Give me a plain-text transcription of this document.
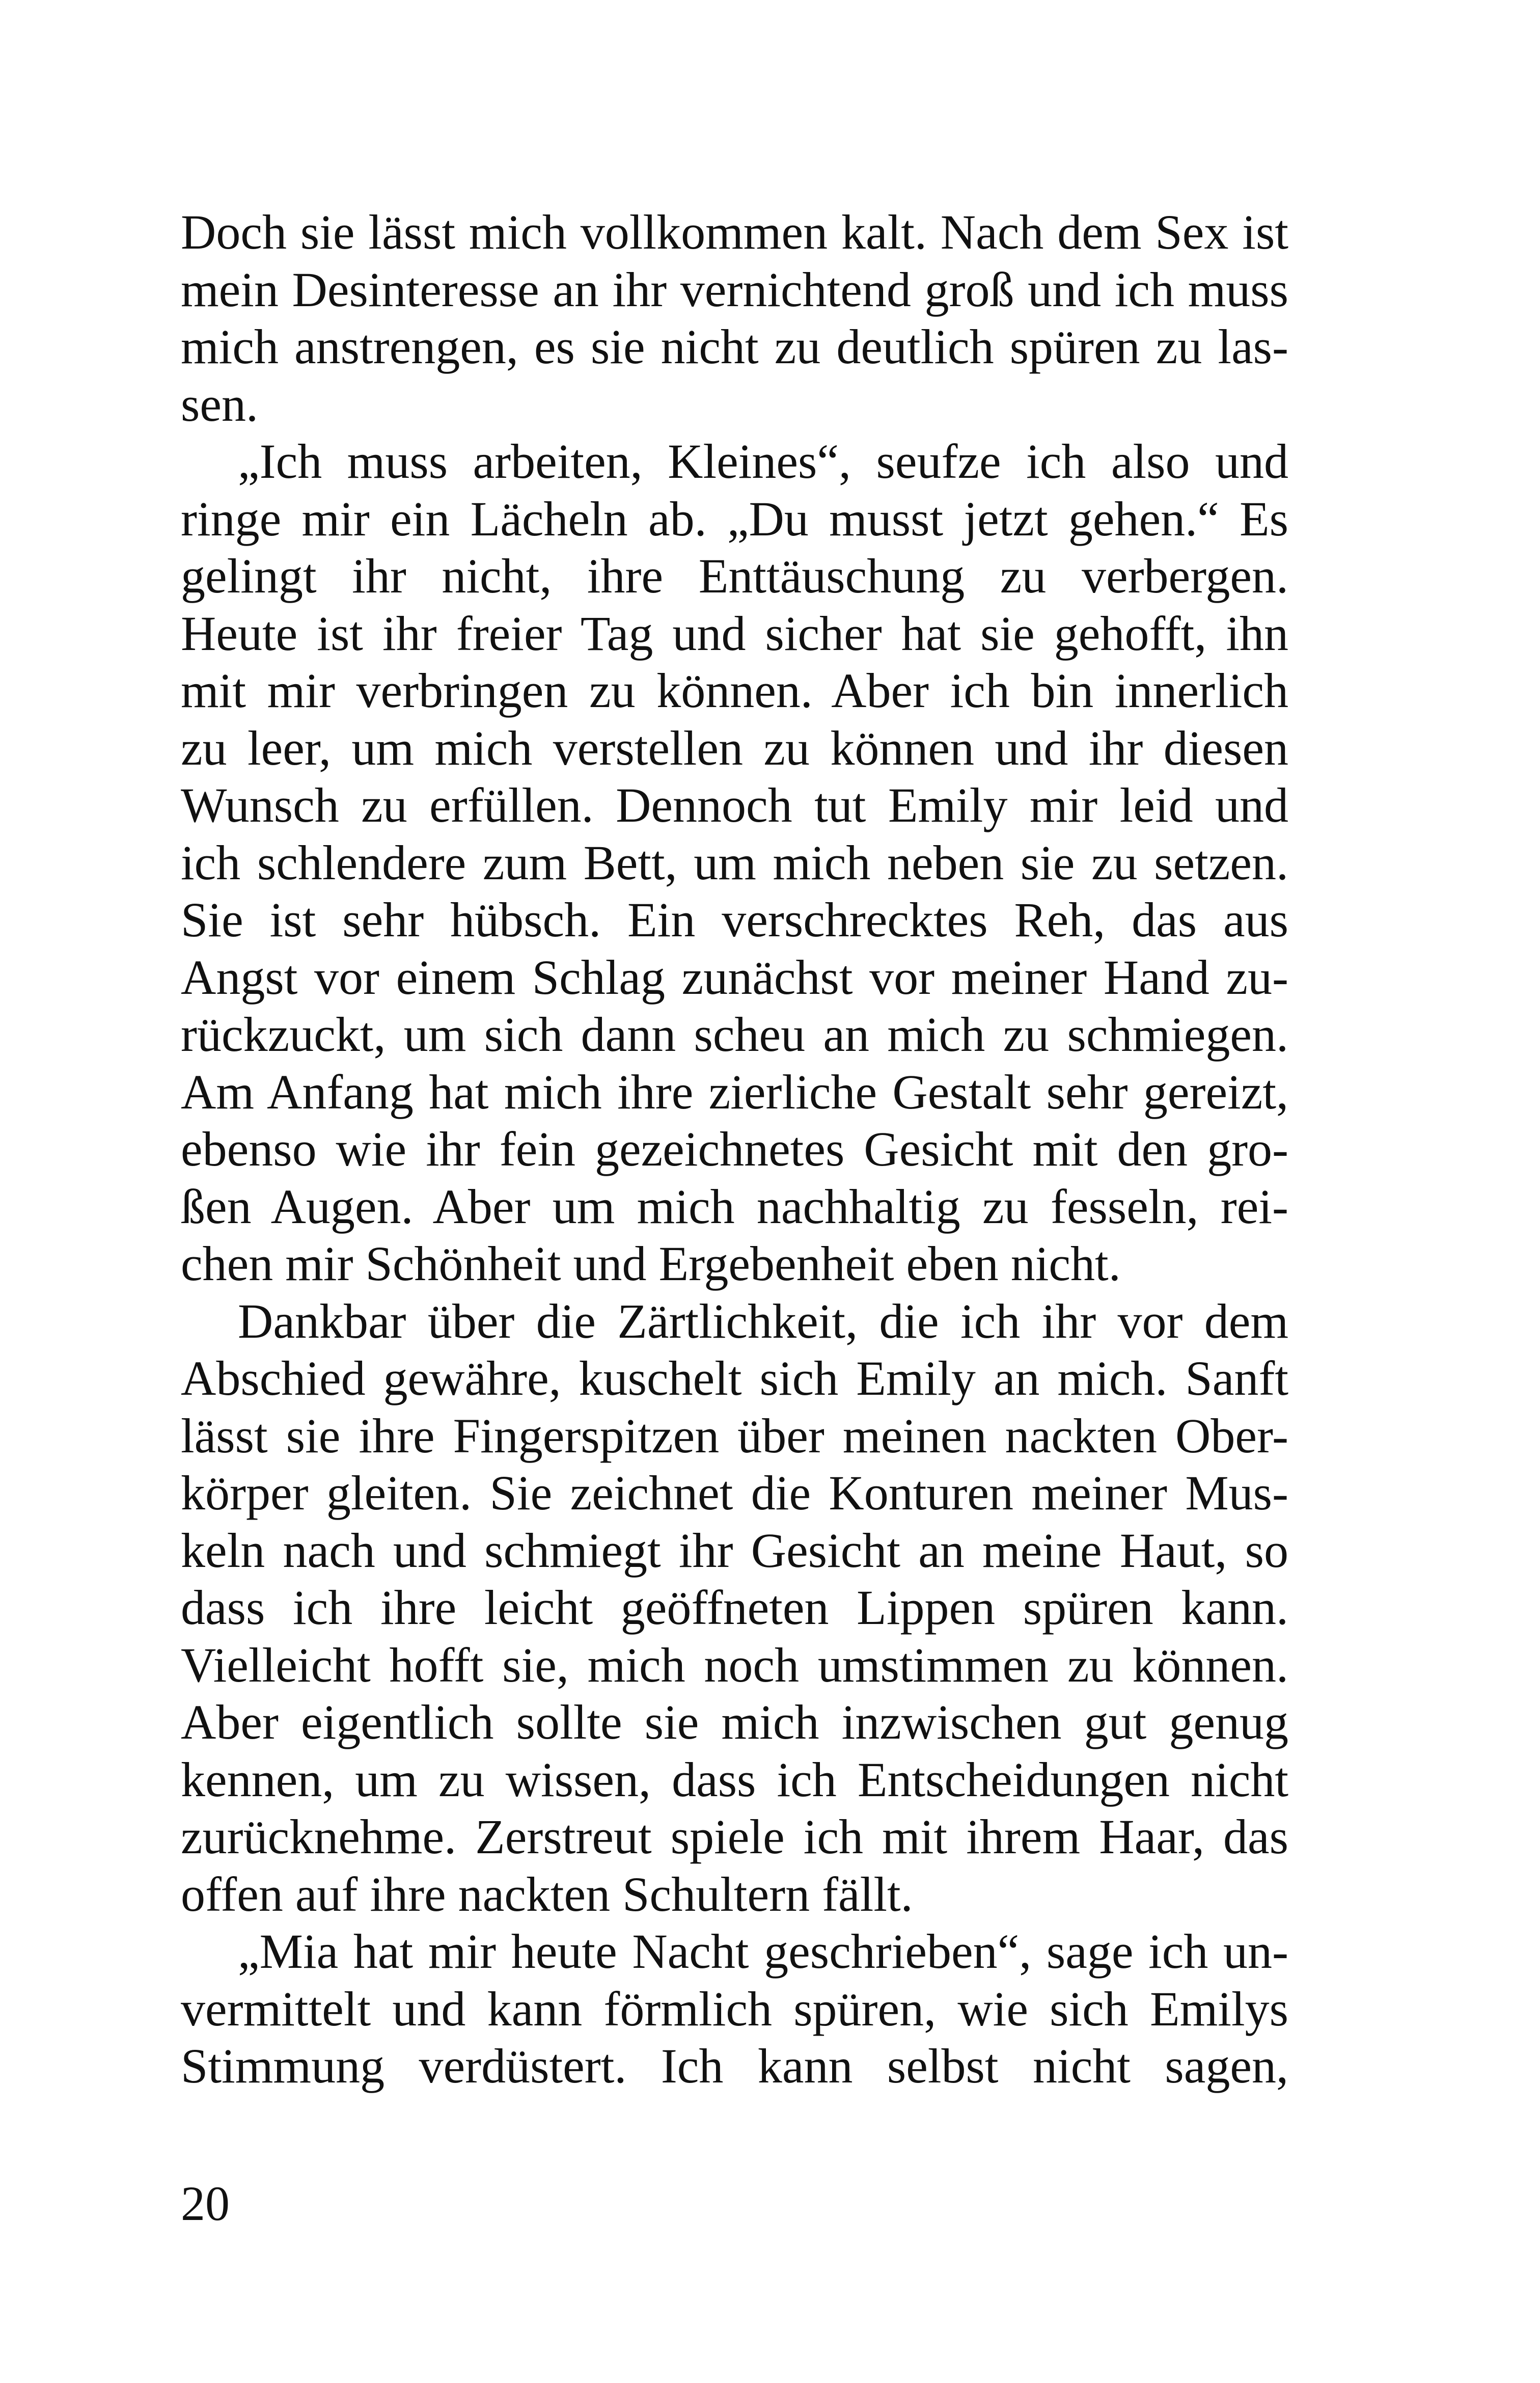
Doch sie lässt mich vollkommen kalt. Nach dem Sex ist
mein Desinteresse an ihr vernichtend groß und ich muss
mich anstrengen, es sie nicht zu deutlich spüren zu las-
sen.
„Ich muss arbeiten, Kleines“, seufze ich also und
ringe mir ein Lächeln ab. „Du musst jetzt gehen.“ Es
gelingt ihr nicht, ihre Enttäuschung zu verbergen.
Heute ist ihr freier Tag und sicher hat sie gehofft, ihn
mit mir verbringen zu können. Aber ich bin innerlich
zu leer, um mich verstellen zu können und ihr diesen
Wunsch zu erfüllen. Dennoch tut Emily mir leid und
ich schlendere zum Bett, um mich neben sie zu setzen.
Sie ist sehr hübsch. Ein verschrecktes Reh, das aus
Angst vor einem Schlag zunächst vor meiner Hand zu-
rückzuckt, um sich dann scheu an mich zu schmiegen.
Am Anfang hat mich ihre zierliche Gestalt sehr gereizt,
ebenso wie ihr fein gezeichnetes Gesicht mit den gro-
ßen Augen. Aber um mich nachhaltig zu fesseln, rei-
chen mir Schönheit und Ergebenheit eben nicht.
Dankbar über die Zärtlichkeit, die ich ihr vor dem
Abschied gewähre, kuschelt sich Emily an mich. Sanft
lässt sie ihre Fingerspitzen über meinen nackten Ober-
körper gleiten. Sie zeichnet die Konturen meiner Mus-
keln nach und schmiegt ihr Gesicht an meine Haut, so
dass ich ihre leicht geöffneten Lippen spüren kann.
Vielleicht hofft sie, mich noch umstimmen zu können.
Aber eigentlich sollte sie mich inzwischen gut genug
kennen, um zu wissen, dass ich Entscheidungen nicht
zurücknehme. Zerstreut spiele ich mit ihrem Haar, das
offen auf ihre nackten Schultern fällt.
„Mia hat mir heute Nacht geschrieben“, sage ich un-
vermittelt und kann förmlich spüren, wie sich Emilys
Stimmung verdüstert. Ich kann selbst nicht sagen,
20
